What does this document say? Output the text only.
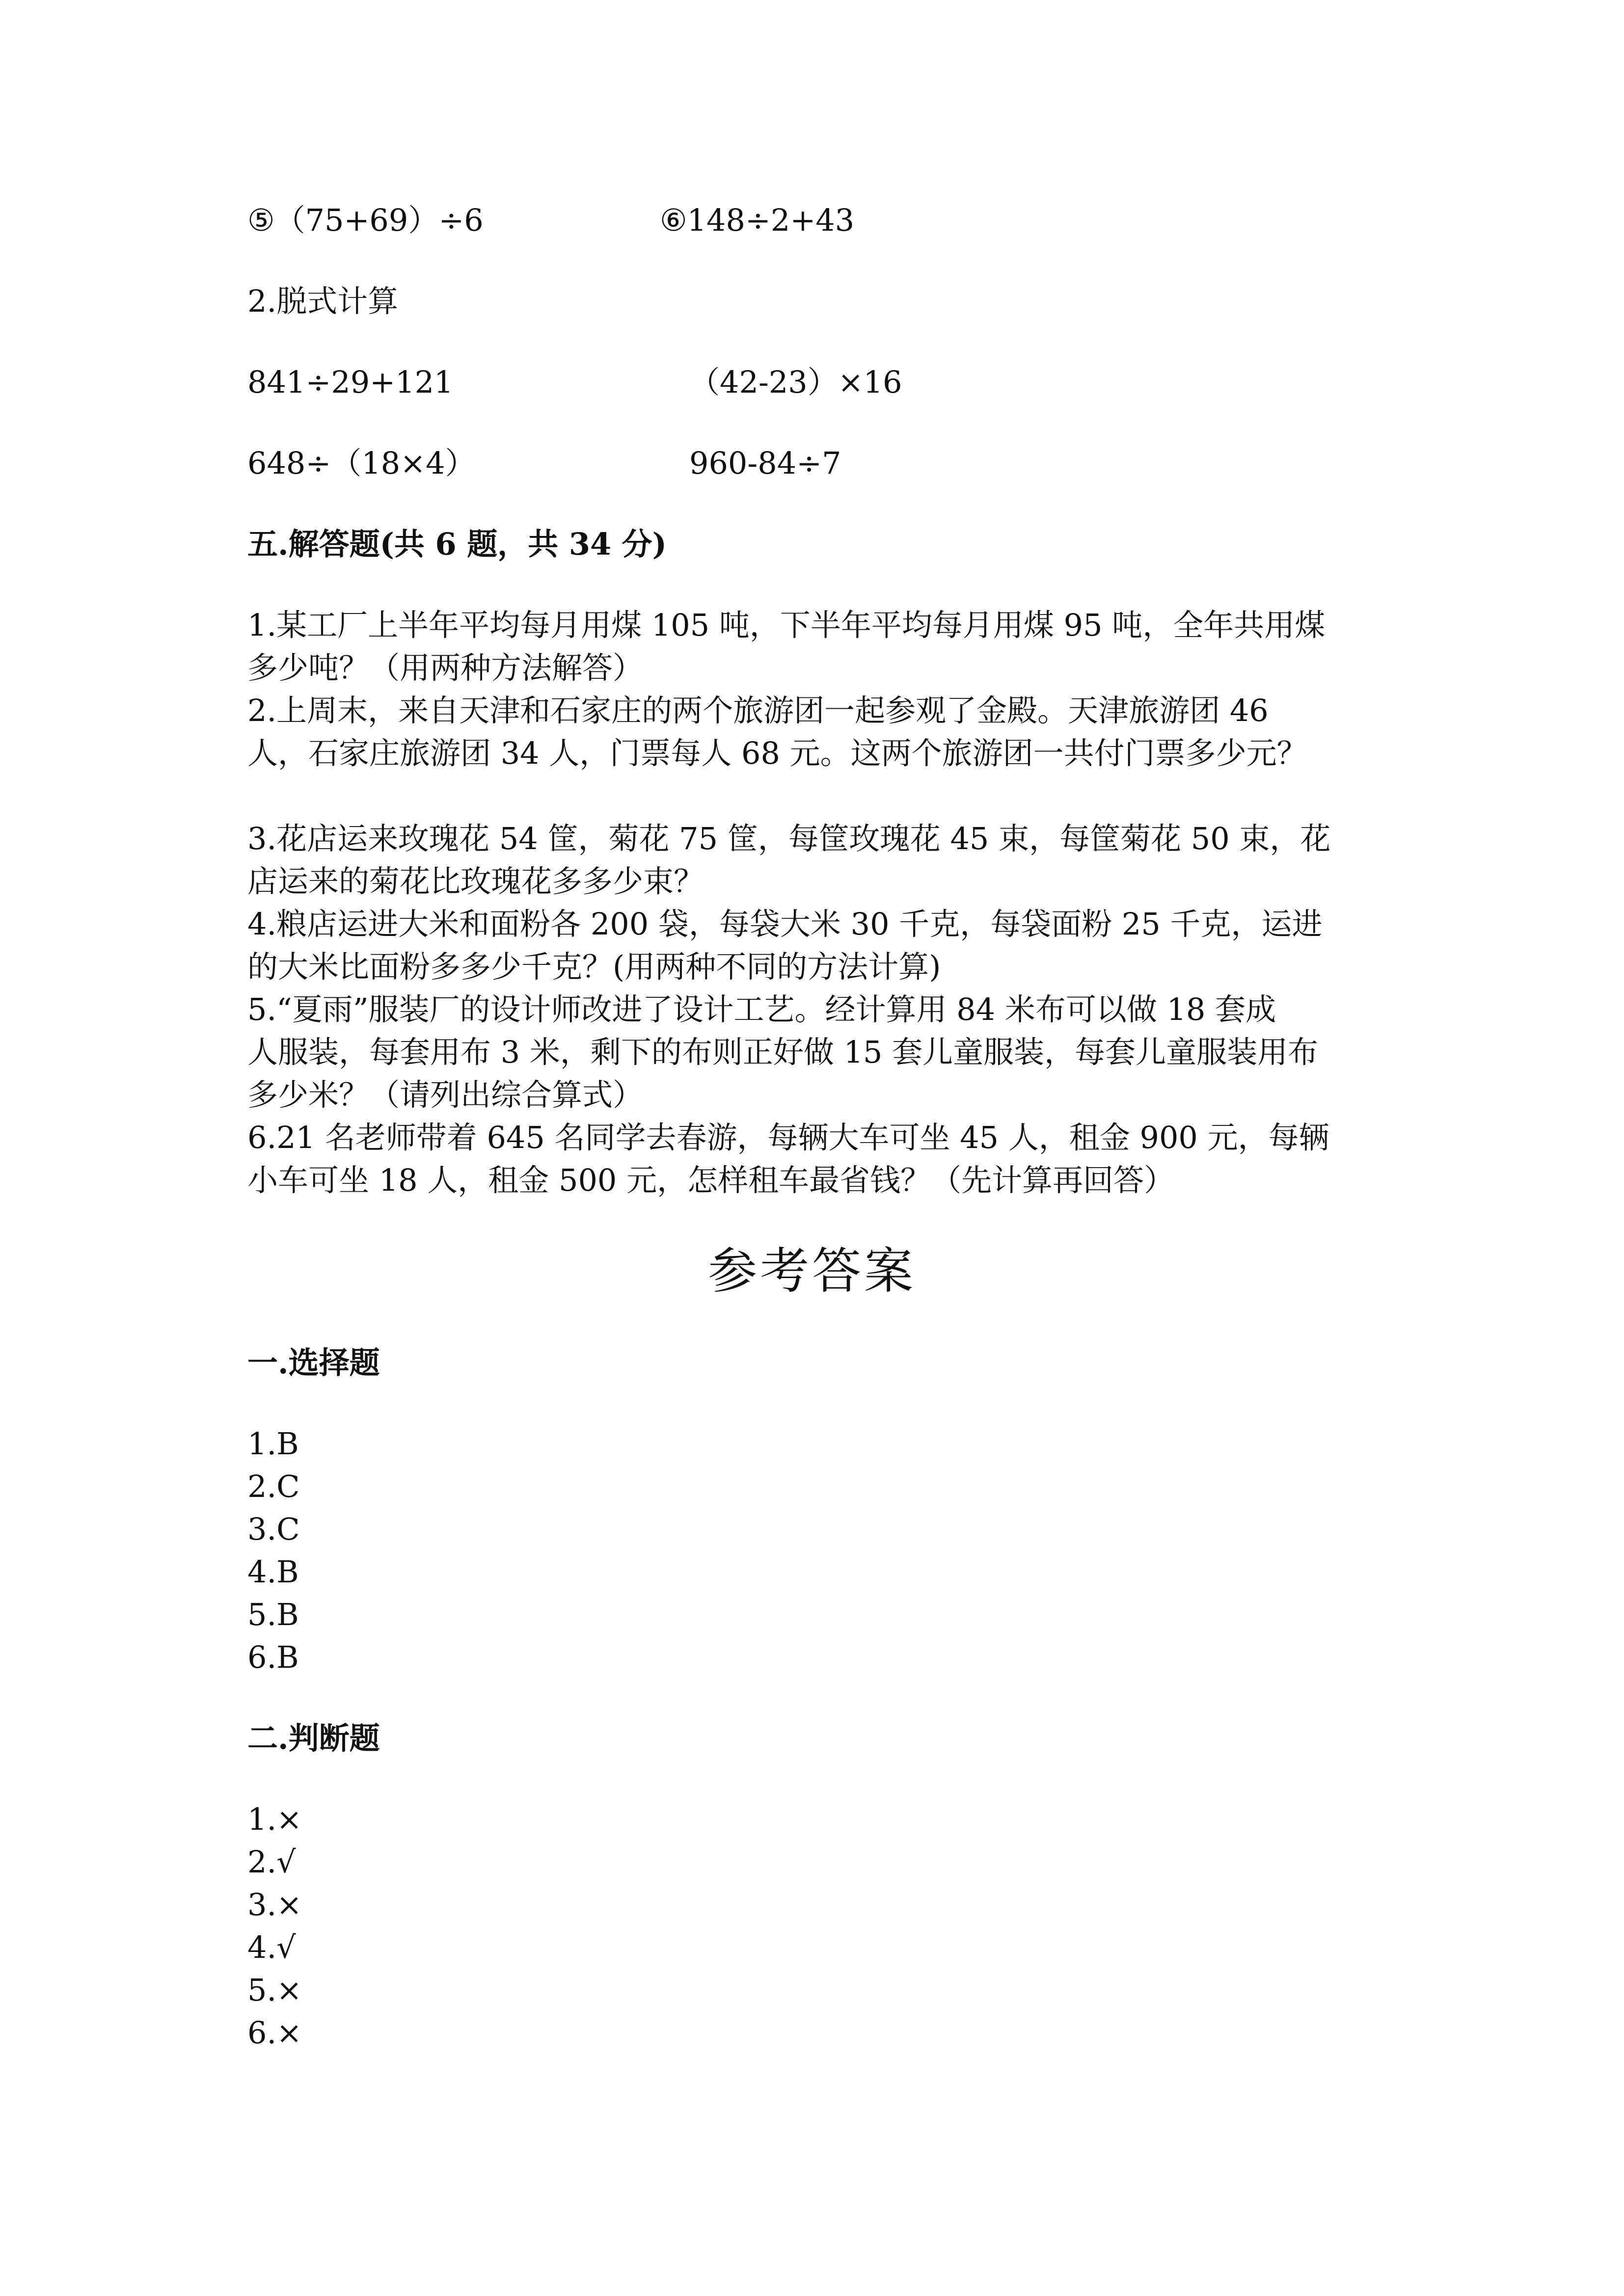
⑤（75+69）÷6	⑥148÷2+43
2.脱式计算
841÷29+121	（42-23）×16
648÷（18×4）	960-84÷7
五.解答题(共 6 题，共 34 分)
1.某工厂上半年平均每月用煤 105 吨，下半年平均每月用煤 95 吨，全年共用煤
多少吨？（用两种方法解答）
2.上周末，来自天津和石家庄的两个旅游团一起参观了金殿。天津旅游团 46
人，石家庄旅游团 34 人，门票每人 68 元。这两个旅游团一共付门票多少元？
3.花店运来玫瑰花 54 筐，菊花 75 筐，每筐玫瑰花 45 束，每筐菊花 50 束，花
店运来的菊花比玫瑰花多多少束？
4.粮店运进大米和面粉各 200 袋，每袋大米 30 千克，每袋面粉 25 千克，运进
的大米比面粉多多少千克？(用两种不同的方法计算)
5.“夏雨”服装厂的设计师改进了设计工艺。经计算用 84 米布可以做 18 套成
人服装，每套用布 3 米，剩下的布则正好做 15 套儿童服装，每套儿童服装用布
多少米？（请列出综合算式）
6.21 名老师带着 645 名同学去春游，每辆大车可坐 45 人，租金 900 元，每辆
小车可坐 18 人，租金 500 元，怎样租车最省钱？（先计算再回答）
参考答案
一.选择题
1.B
2.C
3.C
4.B
5.B
6.B
二.判断题
1.×
2.√
3.×
4.√
5.×
6.×
